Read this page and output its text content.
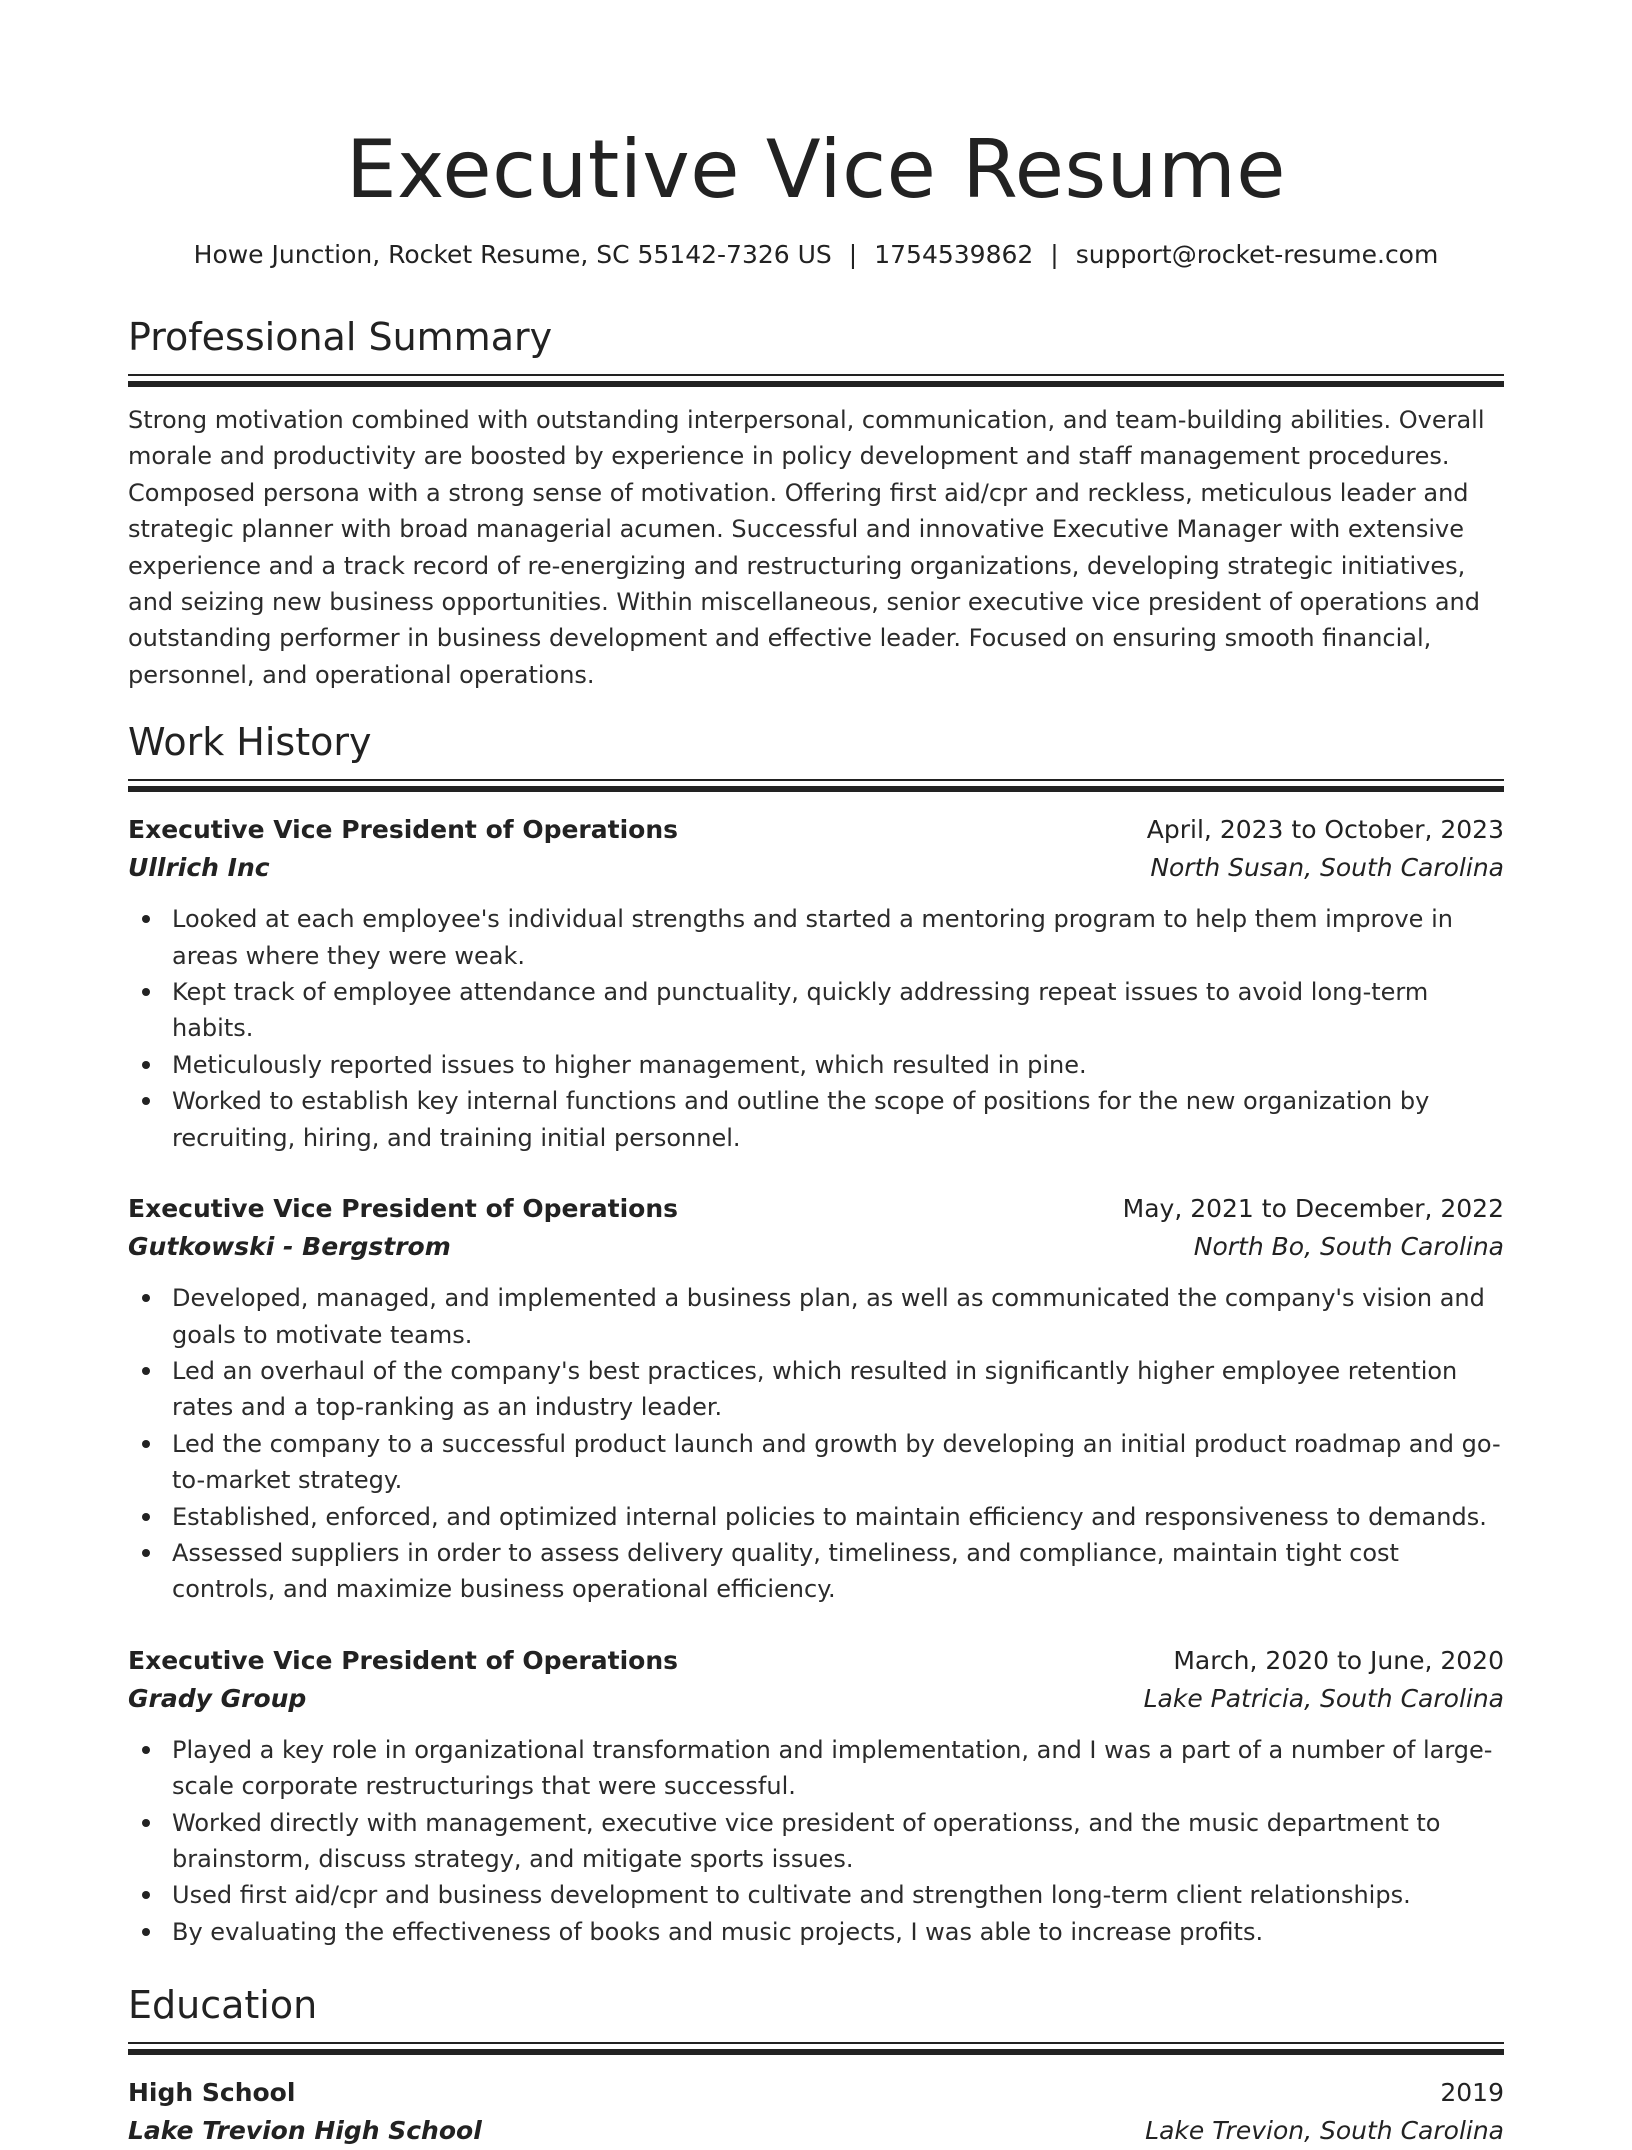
Executive Vice Resume
Howe Junction, Rocket Resume, SC 55142-7326 US | 1754539862 | support@rocket-resume.com
Professional Summary

Strong motivation combined with outstanding interpersonal, communication, and team-building abilities. Overall morale and productivity are boosted by experience in policy development and staff management procedures. Composed persona with a strong sense of motivation. Offering first aid/cpr and reckless, meticulous leader and strategic planner with broad managerial acumen. Successful and innovative Executive Manager with extensive experience and a track record of re-energizing and restructuring organizations, developing strategic initiatives, and seizing new business opportunities. Within miscellaneous, senior executive vice president of operations and outstanding performer in business development and effective leader. Focused on ensuring smooth financial, personnel, and operational operations.

Work History
Executive Vice President of Operations	April, 2023 to October, 2023
Ullrich Inc	North Susan, South Carolina
Looked at each employee's individual strengths and started a mentoring program to help them improve in areas where they were weak.
Kept track of employee attendance and punctuality, quickly addressing repeat issues to avoid long-term habits.
Meticulously reported issues to higher management, which resulted in pine.
Worked to establish key internal functions and outline the scope of positions for the new organization by recruiting, hiring, and training initial personnel.
Executive Vice President of Operations	May, 2021 to December, 2022
Gutkowski - Bergstrom	North Bo, South Carolina
Developed, managed, and implemented a business plan, as well as communicated the company's vision and goals to motivate teams.
Led an overhaul of the company's best practices, which resulted in significantly higher employee retention rates and a top-ranking as an industry leader.
Led the company to a successful product launch and growth by developing an initial product roadmap and go-to-market strategy.
Established, enforced, and optimized internal policies to maintain efficiency and responsiveness to demands.
Assessed suppliers in order to assess delivery quality, timeliness, and compliance, maintain tight cost controls, and maximize business operational efficiency.
Executive Vice President of Operations	March, 2020 to June, 2020
Grady Group	Lake Patricia, South Carolina
Played a key role in organizational transformation and implementation, and I was a part of a number of large-scale corporate restructurings that were successful.
Worked directly with management, executive vice president of operationss, and the music department to brainstorm, discuss strategy, and mitigate sports issues.
Used first aid/cpr and business development to cultivate and strengthen long-term client relationships.
By evaluating the effectiveness of books and music projects, I was able to increase profits.
Education
High School	2019
Lake Trevion High School	Lake Trevion, South Carolina
